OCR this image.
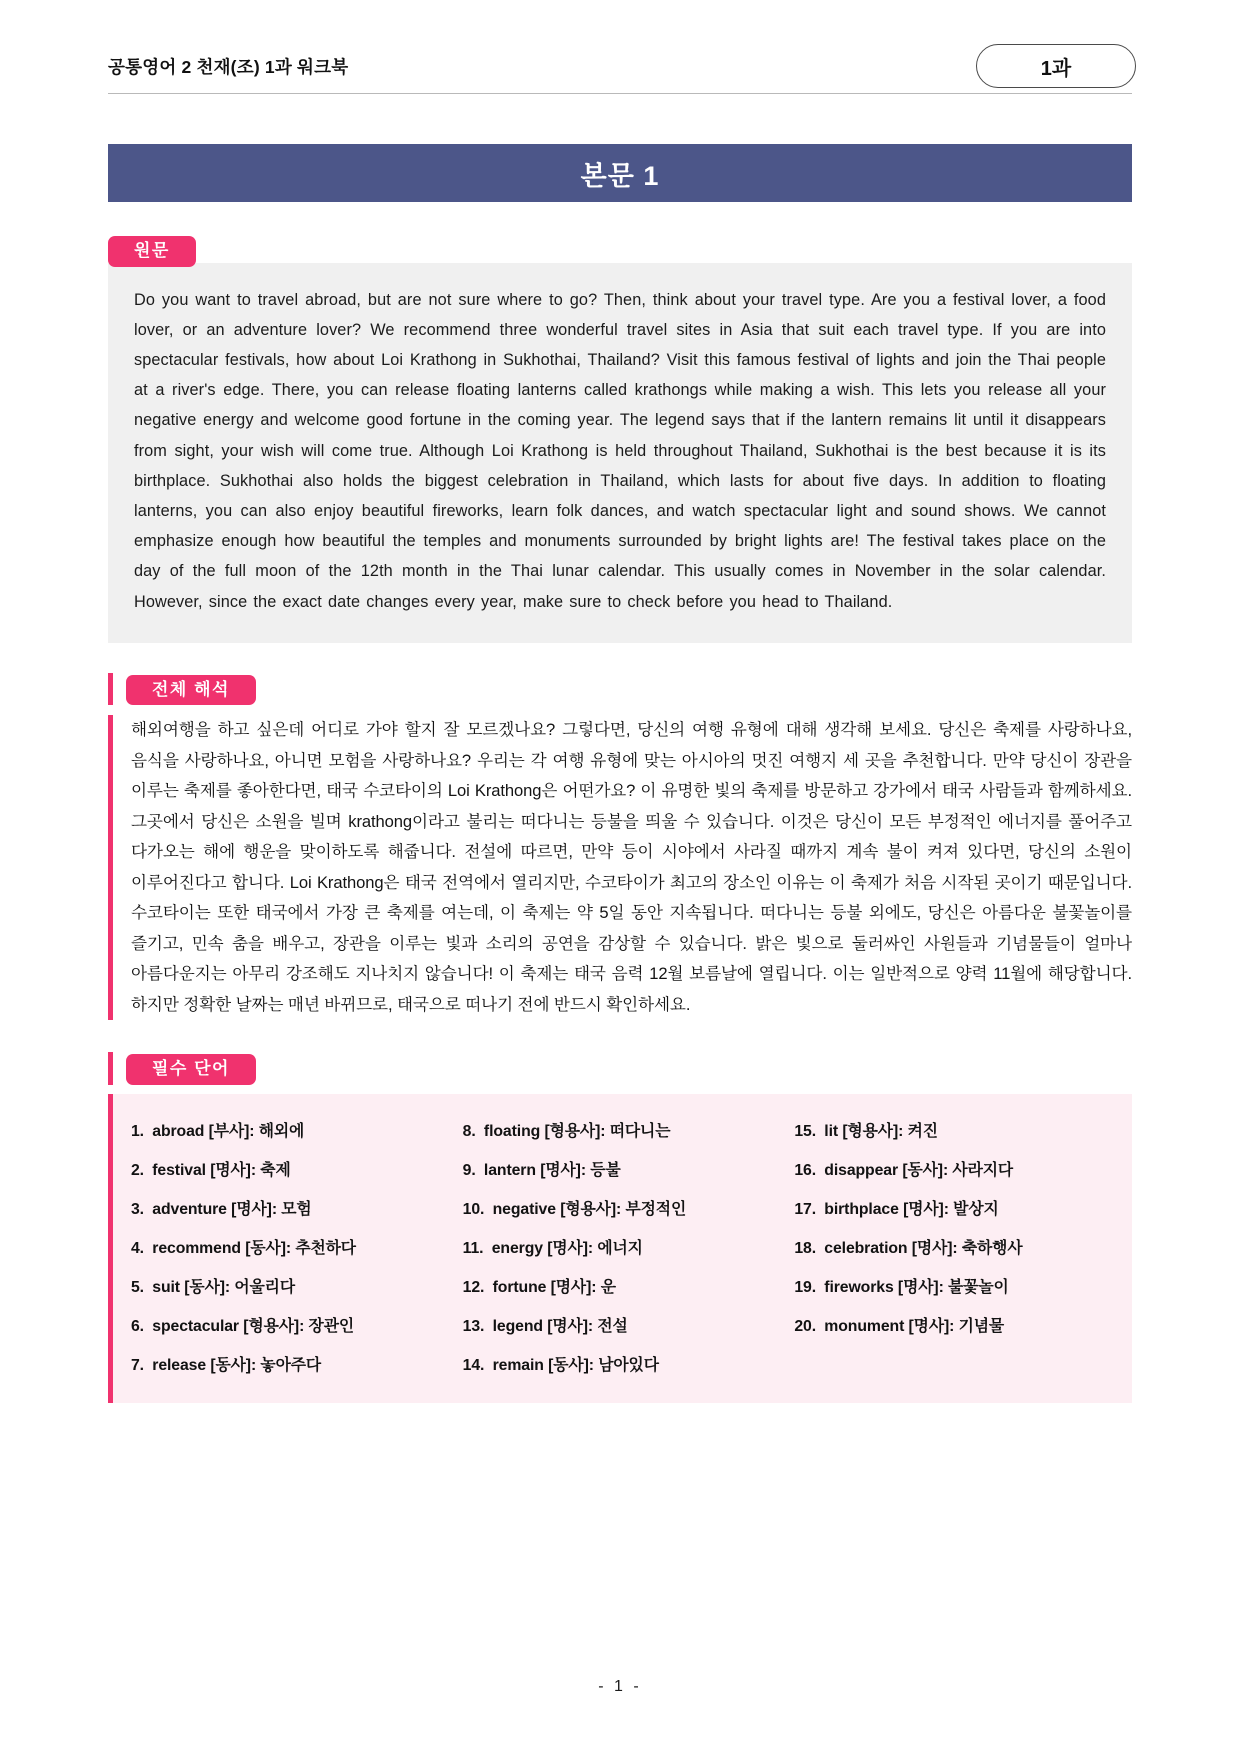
공통영어 2 천재(조) 1과 워크북	1과
본문 1
원문

Do you want to travel abroad, but are not sure where to go? Then, think about your travel type. Are you a festival lover, a food lover, or an adventure lover? We recommend three wonderful travel sites in Asia that suit each travel type. If you are into spectacular festivals, how about Loi Krathong in Sukhothai, Thailand? Visit this famous festival of lights and join the Thai people at a river's edge. There, you can release floating lanterns called krathongs while making a wish. This lets you release all your negative energy and welcome good fortune in the coming year. The legend says that if the lantern remains lit until it disappears from sight, your wish will come true. Although Loi Krathong is held throughout Thailand, Sukhothai is the best because it is its birthplace. Sukhothai also holds the biggest celebration in Thailand, which lasts for about five days. In addition to floating lanterns, you can also enjoy beautiful fireworks, learn folk dances, and watch spectacular light and sound shows. We cannot emphasize enough how beautiful the temples and monuments surrounded by bright lights are! The festival takes place on the day of the full moon of the 12th month in the Thai lunar calendar. This usually comes in November in the solar calendar. However, since the exact date changes every year, make sure to check before you head to Thailand.

전체 해석

해외여행을 하고 싶은데 어디로 가야 할지 잘 모르겠나요? 그렇다면, 당신의 여행 유형에 대해 생각해 보세요. 당신은 축제를 사랑하나요, 음식을 사랑하나요, 아니면 모험을 사랑하나요? 우리는 각 여행 유형에 맞는 아시아의 멋진 여행지 세 곳을 추천합니다. 만약 당신이 장관을 이루는 축제를 좋아한다면, 태국 수코타이의 Loi Krathong은 어떤가요? 이 유명한 빛의 축제를 방문하고 강가에서 태국 사람들과 함께하세요. 그곳에서 당신은 소원을 빌며 krathong이라고 불리는 떠다니는 등불을 띄울 수 있습니다. 이것은 당신이 모든 부정적인 에너지를 풀어주고 다가오는 해에 행운을 맞이하도록 해줍니다. 전설에 따르면, 만약 등이 시야에서 사라질 때까지 계속 불이 켜져 있다면, 당신의 소원이 이루어진다고 합니다. Loi Krathong은 태국 전역에서 열리지만, 수코타이가 최고의 장소인 이유는 이 축제가 처음 시작된 곳이기 때문입니다. 수코타이는 또한 태국에서 가장 큰 축제를 여는데, 이 축제는 약 5일 동안 지속됩니다. 떠다니는 등불 외에도, 당신은 아름다운 불꽃놀이를 즐기고, 민속 춤을 배우고, 장관을 이루는 빛과 소리의 공연을 감상할 수 있습니다. 밝은 빛으로 둘러싸인 사원들과 기념물들이 얼마나 아름다운지는 아무리 강조해도 지나치지 않습니다! 이 축제는 태국 음력 12월 보름날에 열립니다. 이는 일반적으로 양력 11월에 해당합니다. 하지만 정확한 날짜는 매년 바뀌므로, 태국으로 떠나기 전에 반드시 확인하세요.

필수 단어
1. abroad [부사]: 해외에	8. floating [형용사]: 떠다니는	15. lit [형용사]: 켜진
2. festival [명사]: 축제	9. lantern [명사]: 등불	16. disappear [동사]: 사라지다
3. adventure [명사]: 모험	10. negative [형용사]: 부정적인	17. birthplace [명사]: 발상지
4. recommend [동사]: 추천하다	11. energy [명사]: 에너지	18. celebration [명사]: 축하행사
5. suit [동사]: 어울리다	12. fortune [명사]: 운	19. fireworks [명사]: 불꽃놀이
6. spectacular [형용사]: 장관인	13. legend [명사]: 전설	20. monument [명사]: 기념물
7. release [동사]: 놓아주다	14. remain [동사]: 남아있다

- 1 -
